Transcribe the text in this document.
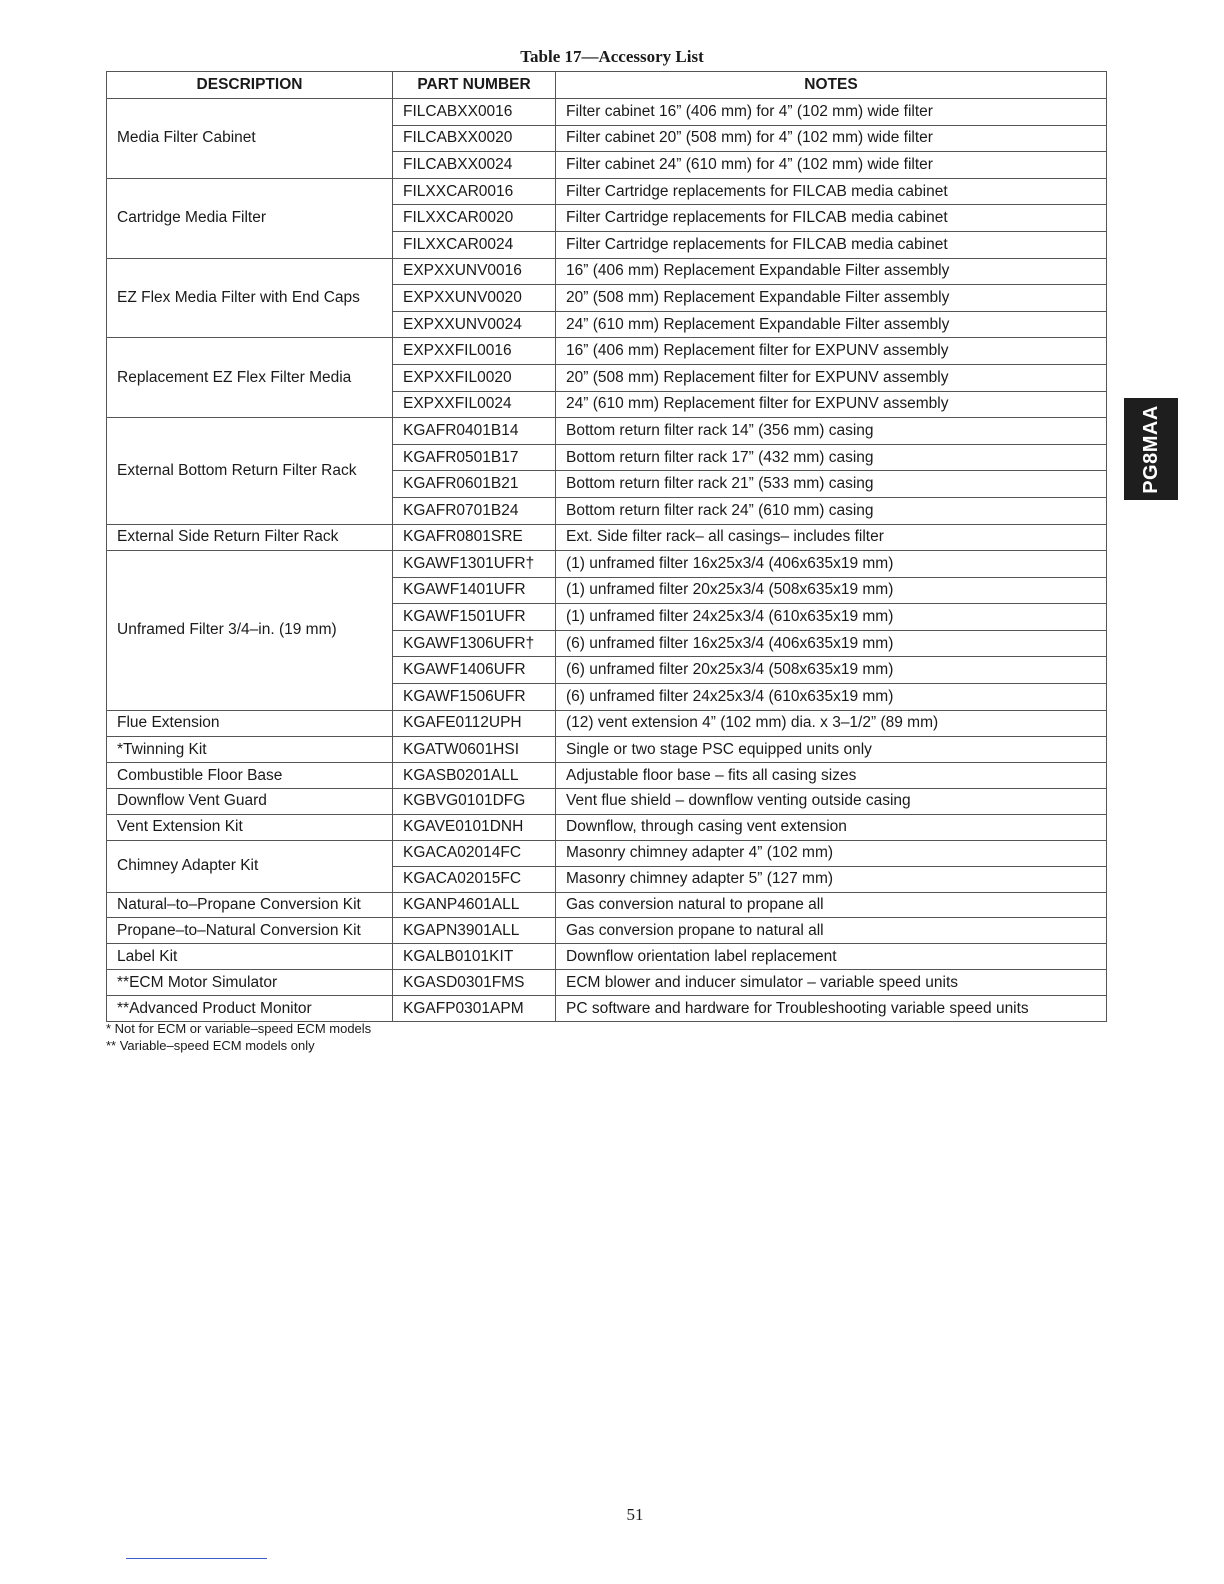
Table 17—Accessory List
DESCRIPTION	PART NUMBER	NOTES
Media Filter Cabinet	FILCABXX0016	Filter cabinet 16” (406 mm) for 4” (102 mm) wide filter
	FILCABXX0020	Filter cabinet 20” (508 mm) for 4” (102 mm) wide filter
	FILCABXX0024	Filter cabinet 24” (610 mm) for 4” (102 mm) wide filter
Cartridge Media Filter	FILXXCAR0016	Filter Cartridge replacements for FILCAB media cabinet
	FILXXCAR0020	Filter Cartridge replacements for FILCAB media cabinet
	FILXXCAR0024	Filter Cartridge replacements for FILCAB media cabinet
EZ Flex Media Filter with End Caps	EXPXXUNV0016	16” (406 mm) Replacement Expandable Filter assembly
	EXPXXUNV0020	20” (508 mm) Replacement Expandable Filter assembly
	EXPXXUNV0024	24” (610 mm) Replacement Expandable Filter assembly
Replacement EZ Flex Filter Media	EXPXXFIL0016	16” (406 mm) Replacement filter for EXPUNV assembly
	EXPXXFIL0020	20” (508 mm) Replacement filter for EXPUNV assembly
	EXPXXFIL0024	24” (610 mm) Replacement filter for EXPUNV assembly
External Bottom Return Filter Rack	KGAFR0401B14	Bottom return filter rack 14” (356 mm) casing
	KGAFR0501B17	Bottom return filter rack 17” (432 mm) casing
	KGAFR0601B21	Bottom return filter rack 21” (533 mm) casing
	KGAFR0701B24	Bottom return filter rack 24” (610 mm) casing
External Side Return Filter Rack	KGAFR0801SRE	Ext. Side filter rack– all casings– includes filter
Unframed Filter 3/4–in. (19 mm)	KGAWF1301UFR†	(1) unframed filter 16x25x3/4 (406x635x19 mm)
	KGAWF1401UFR	(1) unframed filter 20x25x3/4 (508x635x19 mm)
	KGAWF1501UFR	(1) unframed filter 24x25x3/4 (610x635x19 mm)
	KGAWF1306UFR†	(6) unframed filter 16x25x3/4 (406x635x19 mm)
	KGAWF1406UFR	(6) unframed filter 20x25x3/4 (508x635x19 mm)
	KGAWF1506UFR	(6) unframed filter 24x25x3/4 (610x635x19 mm)
Flue Extension	KGAFE0112UPH	(12) vent extension 4” (102 mm) dia. x 3–1/2” (89 mm)
*Twinning Kit	KGATW0601HSI	Single or two stage PSC equipped units only
Combustible Floor Base	KGASB0201ALL	Adjustable floor base – fits all casing sizes
Downflow Vent Guard	KGBVG0101DFG	Vent flue shield – downflow venting outside casing
Vent Extension Kit	KGAVE0101DNH	Downflow, through casing vent extension
Chimney Adapter Kit	KGACA02014FC	Masonry chimney adapter 4” (102 mm)
	KGACA02015FC	Masonry chimney adapter 5” (127 mm)
Natural–to–Propane Conversion Kit	KGANP4601ALL	Gas conversion natural to propane all
Propane–to–Natural Conversion Kit	KGAPN3901ALL	Gas conversion propane to natural all
Label Kit	KGALB0101KIT	Downflow orientation label replacement
**ECM Motor Simulator	KGASD0301FMS	ECM blower and inducer simulator – variable speed units
**Advanced Product Monitor	KGAFP0301APM	PC software and hardware for Troubleshooting variable speed units
* Not for ECM or variable–speed ECM models
** Variable–speed ECM models only
PG8MAA
51
